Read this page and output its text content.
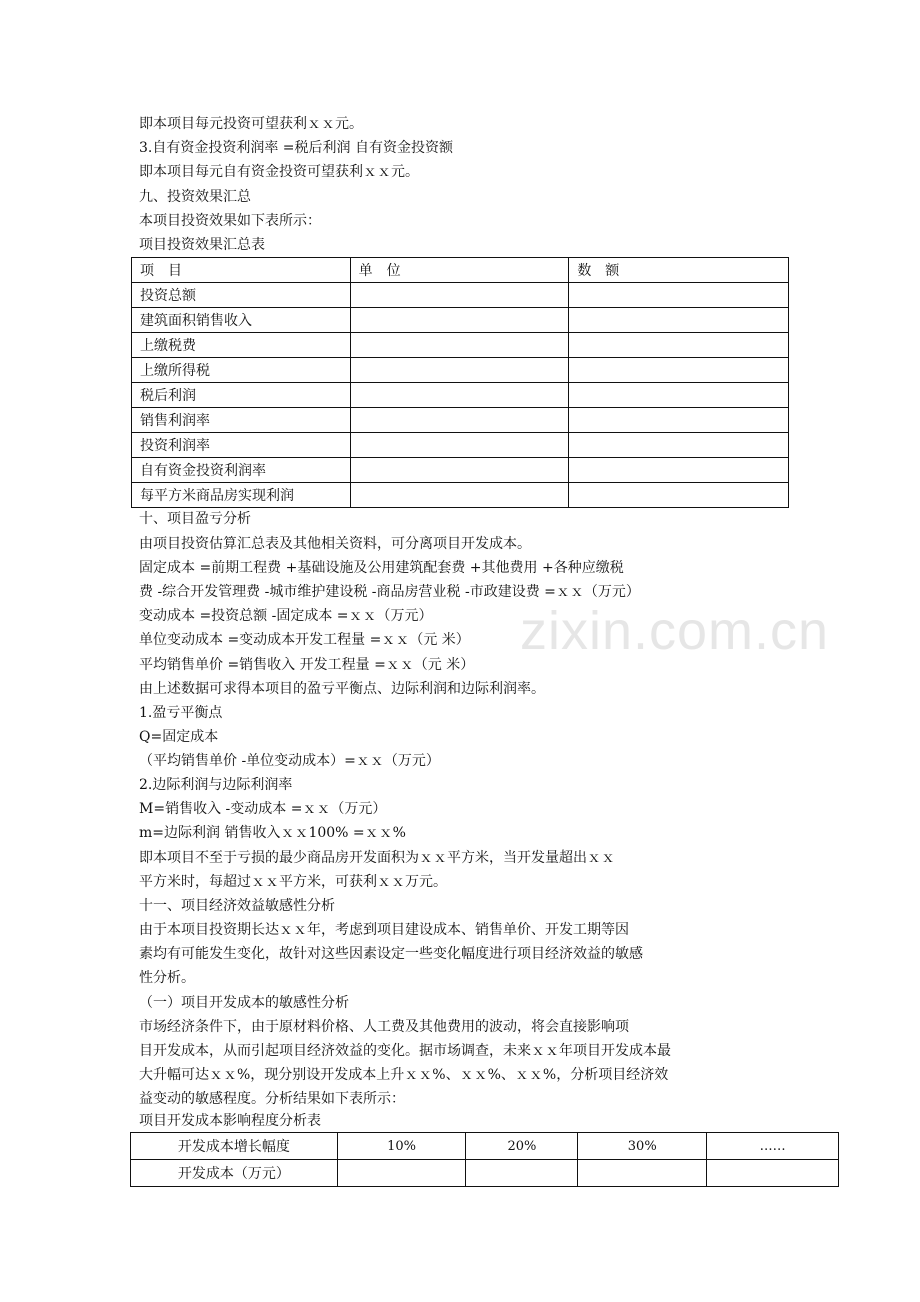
zixin.com.cn
即本项目每元投资可望获利ｘｘ元。
3.自有资金投资利润率 =税后利润 自有资金投资额
即本项目每元自有资金投资可望获利ｘｘ元。
九、投资效果汇总
本项目投资效果如下表所示：
项目投资效果汇总表
项　目	单　位	数　额
投资总额		
建筑面积销售收入		
上缴税费		
上缴所得税		
税后利润		
销售利润率		
投资利润率		
自有资金投资利润率		
每平方米商品房实现利润		
十、项目盈亏分析
由项目投资估算汇总表及其他相关资料，可分离项目开发成本。
固定成本 =前期工程费 +基础设施及公用建筑配套费 +其他费用 +各种应缴税
费 -综合开发管理费 -城市维护建设税 -商品房营业税 -市政建设费 =ｘｘ（万元）
变动成本 =投资总额 -固定成本 =ｘｘ（万元）
单位变动成本 =变动成本开发工程量 =ｘｘ（元 米）
平均销售单价 =销售收入 开发工程量 =ｘｘ（元 米）
由上述数据可求得本项目的盈亏平衡点、边际利润和边际利润率。
1.盈亏平衡点
Q=固定成本
（平均销售单价 -单位变动成本）=ｘｘ（万元）
2.边际利润与边际利润率
M=销售收入 -变动成本 =ｘｘ（万元）
m=边际利润 销售收入ｘｘ100% =ｘｘ%
即本项目不至于亏损的最少商品房开发面积为ｘｘ平方米，当开发量超出ｘｘ
平方米时，每超过ｘｘ平方米，可获利ｘｘ万元。
十一、项目经济效益敏感性分析
由于本项目投资期长达ｘｘ年，考虑到项目建设成本、销售单价、开发工期等因
素均有可能发生变化，故针对这些因素设定一些变化幅度进行项目经济效益的敏感
性分析。
（一）项目开发成本的敏感性分析
市场经济条件下，由于原材料价格、人工费及其他费用的波动，将会直接影响项
目开发成本，从而引起项目经济效益的变化。据市场调查，未来ｘｘ年项目开发成本最
大升幅可达ｘｘ%，现分别设开发成本上升ｘｘ%、ｘｘ%、ｘｘ%，分析项目经济效
益变动的敏感程度。分析结果如下表所示：
项目开发成本影响程度分析表
开发成本增长幅度	10%	20%	30%	……
开发成本（万元）				
